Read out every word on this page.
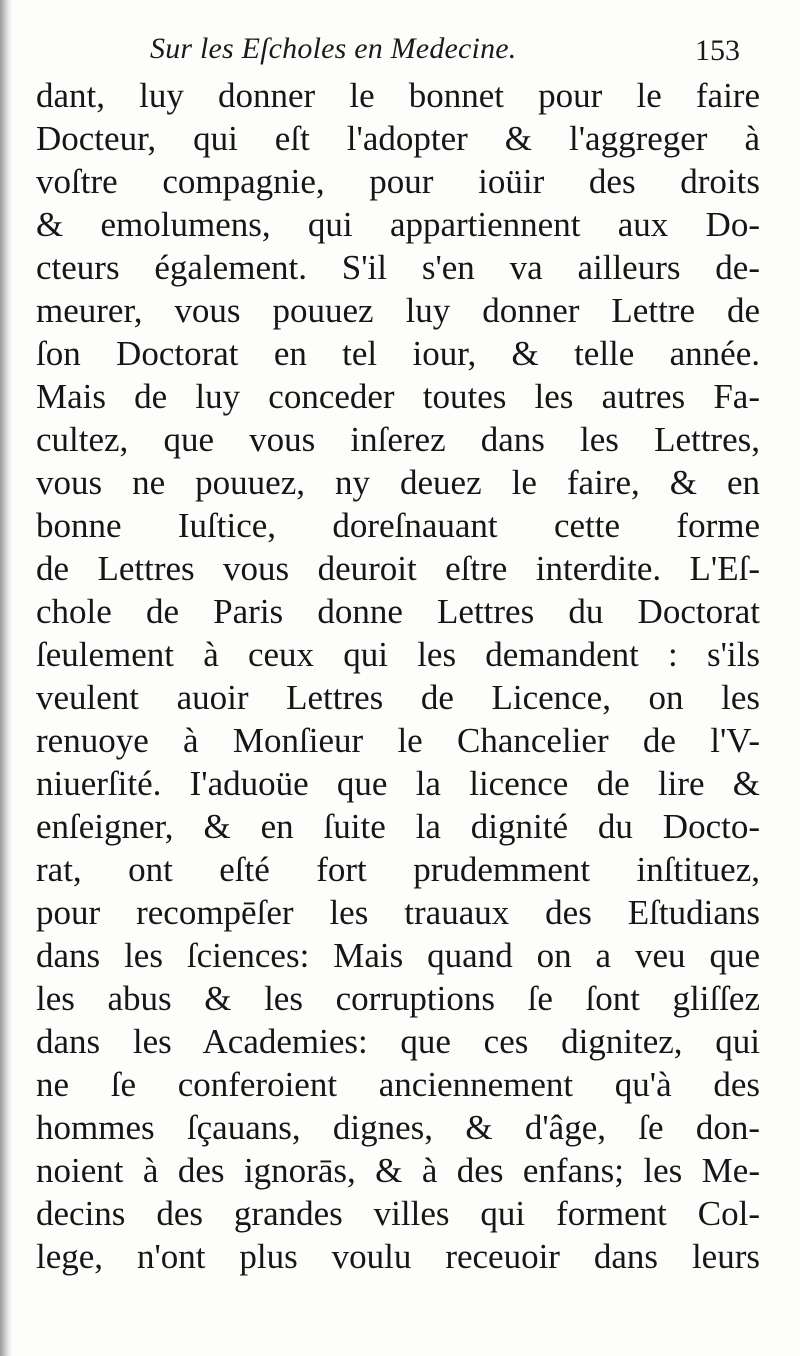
Sur les Eſcholes en Medecine.	153
dant, luy donner le bonnet pour le faire
Docteur, qui eſt l'adopter & l'aggreger à
voſtre compagnie, pour ioüir des droits
& emolumens, qui appartiennent aux Do-
cteurs également. S'il s'en va ailleurs de-
meurer, vous pouuez luy donner Lettre de
ſon Doctorat en tel iour, & telle année.
Mais de luy conceder toutes les autres Fa-
cultez, que vous inſerez dans les Lettres,
vous ne pouuez, ny deuez le faire, & en
bonne Iuſtice, doreſnauant cette forme
de Lettres vous deuroit eſtre interdite. L'Eſ-
chole de Paris donne Lettres du Doctorat
ſeulement à ceux qui les demandent : s'ils
veulent auoir Lettres de Licence, on les
renuoye à Monſieur le Chancelier de l'V-
niuerſité. I'aduoüe que la licence de lire &
enſeigner, & en ſuite la dignité du Docto-
rat, ont eſté fort prudemment inſtituez,
pour recompēſer les trauaux des Eſtudians
dans les ſciences: Mais quand on a veu que
les abus & les corruptions ſe ſont gliſſez
dans les Academies: que ces dignitez, qui
ne ſe conferoient anciennement qu'à des
hommes ſçauans, dignes, & d'âge, ſe don-
noient à des ignorās, & à des enfans; les Me-
decins des grandes villes qui forment Col-
lege, n'ont plus voulu receuoir dans leurs
